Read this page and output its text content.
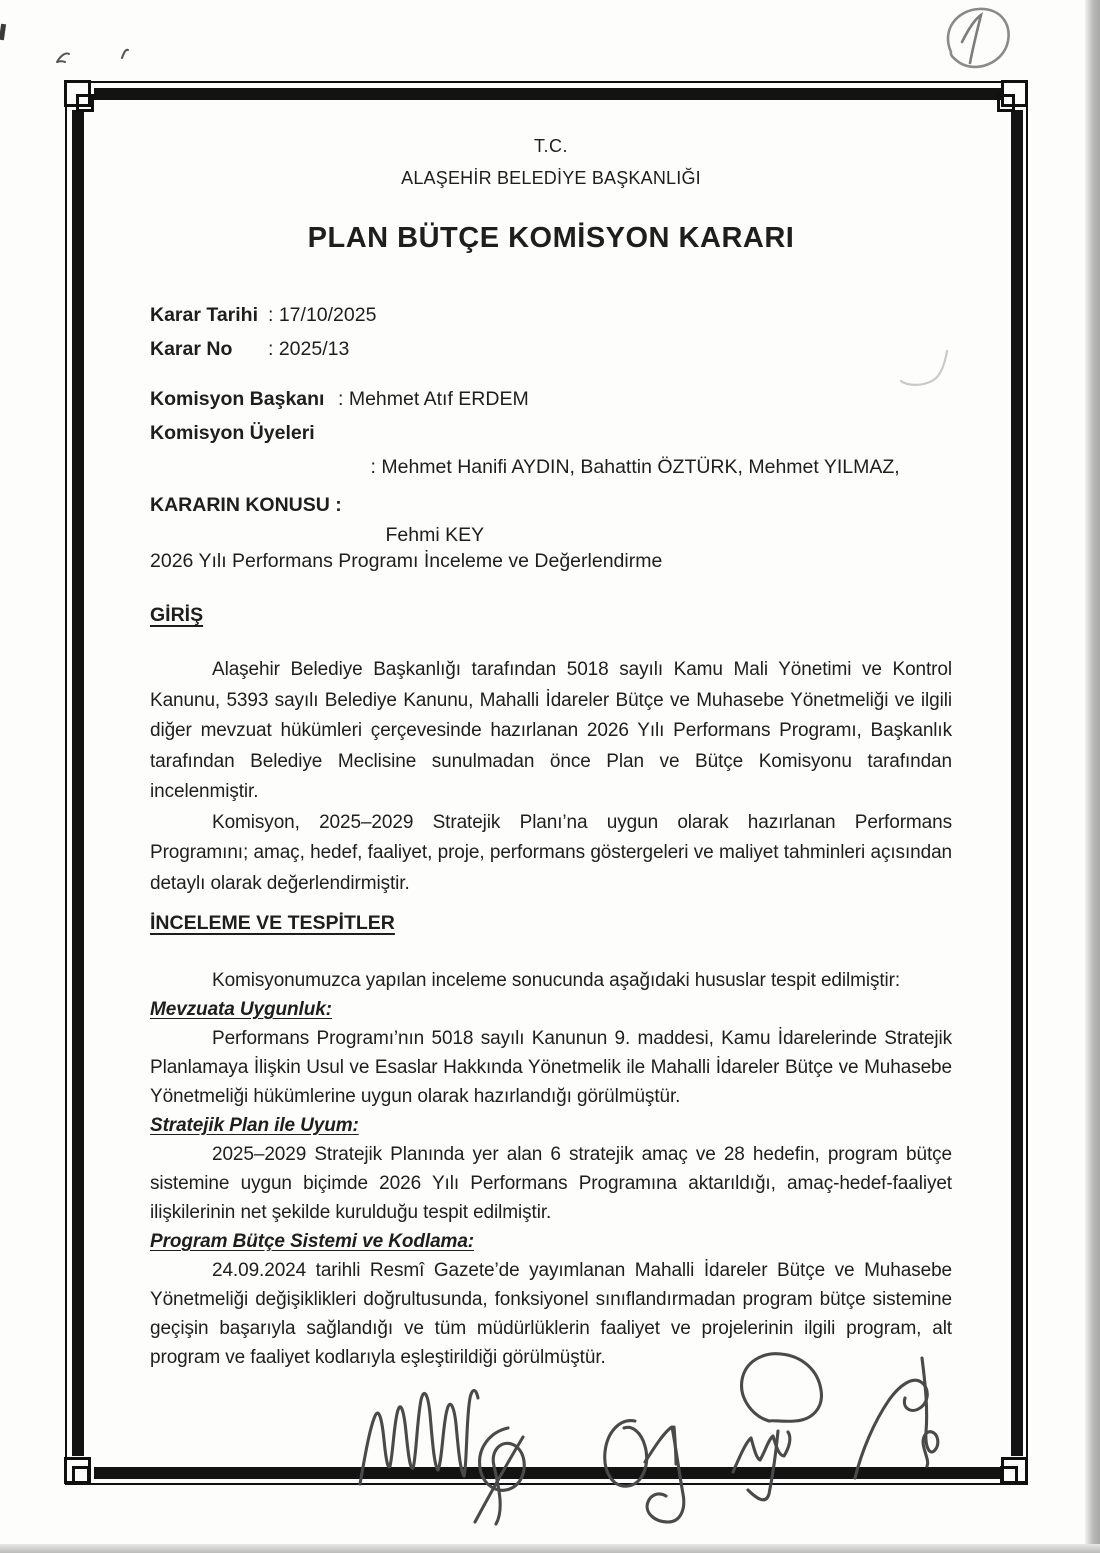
T.C.
ALAŞEHİR BELEDİYE BAŞKANLIĞI
PLAN BÜTÇE KOMİSYON KARARI
Karar Tarihi : 17/10/2025
Karar No	: 2025/13
Komisyon Başkanı : Mehmet Atıf ERDEM
Komisyon Üyeleri

: Mehmet Hanifi AYDIN, Bahattin ÖZTÜRK, Mehmet YILMAZ,

Fehmi KEY

KARARIN KONUSU :
2026 Yılı Performans Programı İnceleme ve Değerlendirme
GİRİŞ

Alaşehir Belediye Başkanlığı tarafından 5018 sayılı Kamu Mali Yönetimi ve Kontrol Kanunu, 5393 sayılı Belediye Kanunu, Mahalli İdareler Bütçe ve Muhasebe Yönetmeliği ve ilgili diğer mevzuat hükümleri çerçevesinde hazırlanan 2026 Yılı Performans Programı, Başkanlık tarafından Belediye Meclisine sunulmadan önce Plan ve Bütçe Komisyonu tarafından incelenmiştir.

Komisyon, 2025–2029 Stratejik Planı’na uygun olarak hazırlanan Performans Programını; amaç, hedef, faaliyet, proje, performans göstergeleri ve maliyet tahminleri açısından detaylı olarak değerlendirmiştir.

İNCELEME VE TESPİTLER

Komisyonumuzca yapılan inceleme sonucunda aşağıdaki hususlar tespit edilmiştir:

Mevzuata Uygunluk:

Performans Programı’nın 5018 sayılı Kanunun 9. maddesi, Kamu İdarelerinde Stratejik Planlamaya İlişkin Usul ve Esaslar Hakkında Yönetmelik ile Mahalli İdareler Bütçe ve Muhasebe Yönetmeliği hükümlerine uygun olarak hazırlandığı görülmüştür.

Stratejik Plan ile Uyum:

2025–2029 Stratejik Planında yer alan 6 stratejik amaç ve 28 hedefin, program bütçe sistemine uygun biçimde 2026 Yılı Performans Programına aktarıldığı, amaç-hedef-faaliyet ilişkilerinin net şekilde kurulduğu tespit edilmiştir.

Program Bütçe Sistemi ve Kodlama:

24.09.2024 tarihli Resmî Gazete’de yayımlanan Mahalli İdareler Bütçe ve Muhasebe Yönetmeliği değişiklikleri doğrultusunda, fonksiyonel sınıflandırmadan program bütçe sistemine geçişin başarıyla sağlandığı ve tüm müdürlüklerin faaliyet ve projelerinin ilgili program, alt program ve faaliyet kodlarıyla eşleştirildiği görülmüştür.
